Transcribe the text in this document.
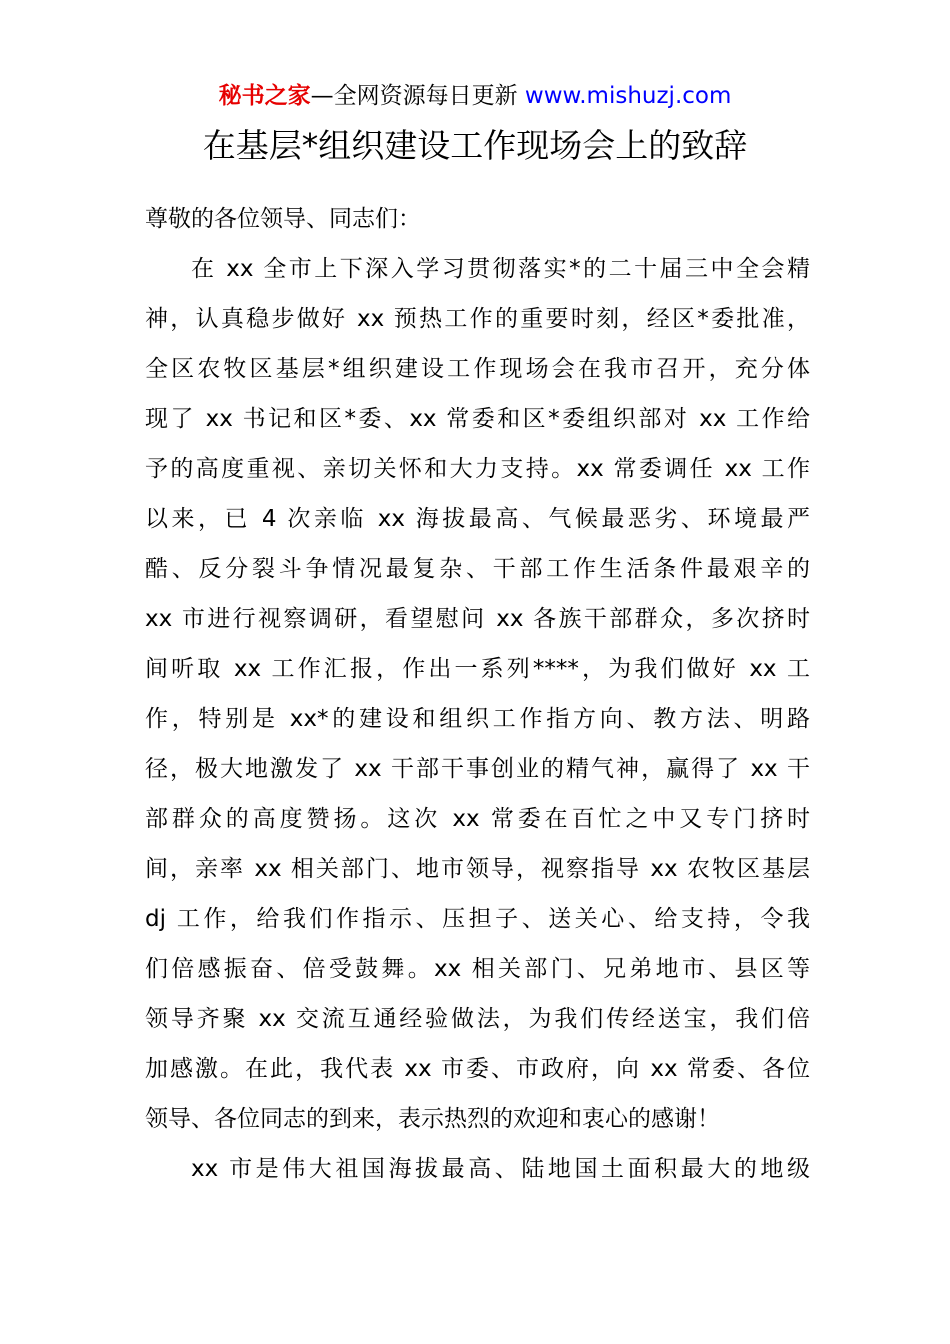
秘书之家—全网资源每日更新 www.mishuzj.com
在基层*组织建设工作现场会上的致辞
尊敬的各位领导、同志们：
在 xx 全市上下深入学习贯彻落实*的二十届三中全会精
神，认真稳步做好 xx 预热工作的重要时刻，经区*委批准，
全区农牧区基层*组织建设工作现场会在我市召开，充分体
现了 xx 书记和区*委、xx 常委和区*委组织部对 xx 工作给
予的高度重视、亲切关怀和大力支持。xx 常委调任 xx 工作
以来，已 4 次亲临 xx 海拔最高、气候最恶劣、环境最严
酷、反分裂斗争情况最复杂、干部工作生活条件最艰辛的
xx 市进行视察调研，看望慰问 xx 各族干部群众，多次挤时
间听取 xx 工作汇报，作出一系列****，为我们做好 xx 工
作，特别是 xx*的建设和组织工作指方向、教方法、明路
径，极大地激发了 xx 干部干事创业的精气神，赢得了 xx 干
部群众的高度赞扬。这次 xx 常委在百忙之中又专门挤时
间，亲率 xx 相关部门、地市领导，视察指导 xx 农牧区基层
dj 工作，给我们作指示、压担子、送关心、给支持，令我
们倍感振奋、倍受鼓舞。xx 相关部门、兄弟地市、县区等
领导齐聚 xx 交流互通经验做法，为我们传经送宝，我们倍
加感激。在此，我代表 xx 市委、市政府，向 xx 常委、各位
领导、各位同志的到来，表示热烈的欢迎和衷心的感谢！
xx 市是伟大祖国海拔最高、陆地国土面积最大的地级
